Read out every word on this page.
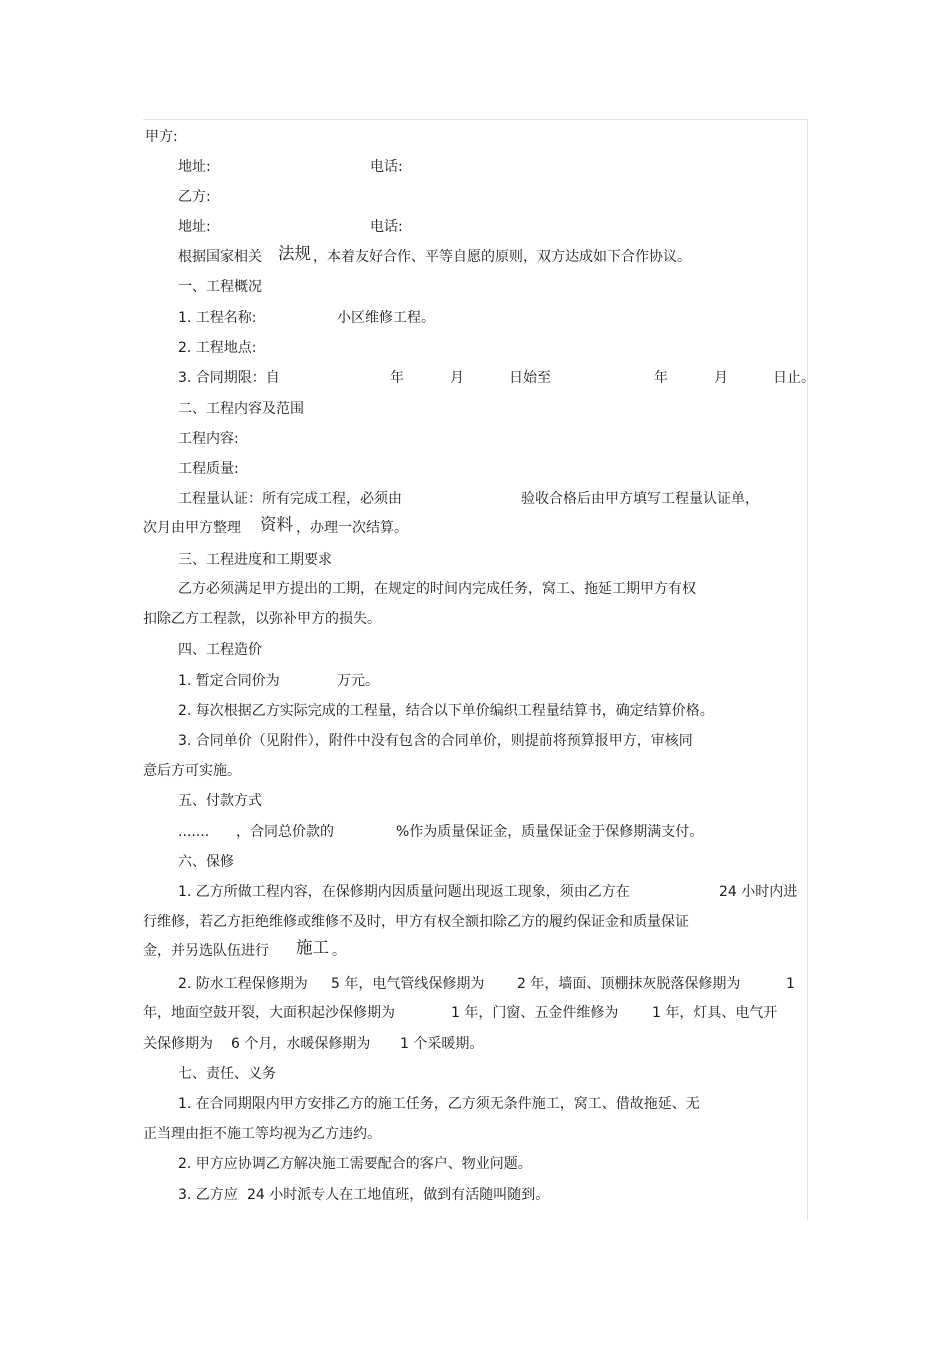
甲方:
地址:	电话:
乙方:
地址:	电话:
根据国家相关 法规 ，本着友好合作、平等自愿的原则，双方达成如下合作协议。
一、工程概况
1. 工程名称:	小区维修工程。
2. 工程地点:
3. 合同期限：自	年	月	日始至	年	月	日止。
二、工程内容及范围
工程内容:
工程质量:
工程量认证：所有完成工程，必须由	验收合格后由甲方填写工程量认证单，
次月由甲方整理 资料 ，办理一次结算。
三、工程进度和工期要求
乙方必须满足甲方提出的工期，在规定的时间内完成任务，窝工、拖延工期甲方有权
扣除乙方工程款，以弥补甲方的损失。
四、工程造价
1. 暂定合同价为	万元。
2. 每次根据乙方实际完成的工程量，结合以下单价编织工程量结算书，确定结算价格。
3. 合同单价（见附件），附件中没有包含的合同单价，则提前将预算报甲方，审核同
意后方可实施。
五、付款方式
....... ，合同总价款的	%作为质量保证金，质量保证金于保修期满支付。
六、保修
1. 乙方所做工程内容，在保修期内因质量问题出现返工现象，须由乙方在	24 小时内进
行维修，若乙方拒绝维修或维修不及时，甲方有权全额扣除乙方的履约保证金和质量保证
金，并另选队伍进行 施工 。
2. 防水工程保修期为 5 年，电气管线保修期为 2 年，墙面、顶棚抹灰脱落保修期为	1
年，地面空鼓开裂，大面积起沙保修期为	1 年，门窗、五金件维修为 1 年，灯具、电气开
关保修期为 6 个月，水暖保修期为 1 个采暖期。
七、责任、义务
1. 在合同期限内甲方安排乙方的施工任务，乙方须无条件施工，窝工、借故拖延、无
正当理由拒不施工等均视为乙方违约。
2. 甲方应协调乙方解决施工需要配合的客户、物业问题。
3. 乙方应 24 小时派专人在工地值班，做到有活随叫随到。
